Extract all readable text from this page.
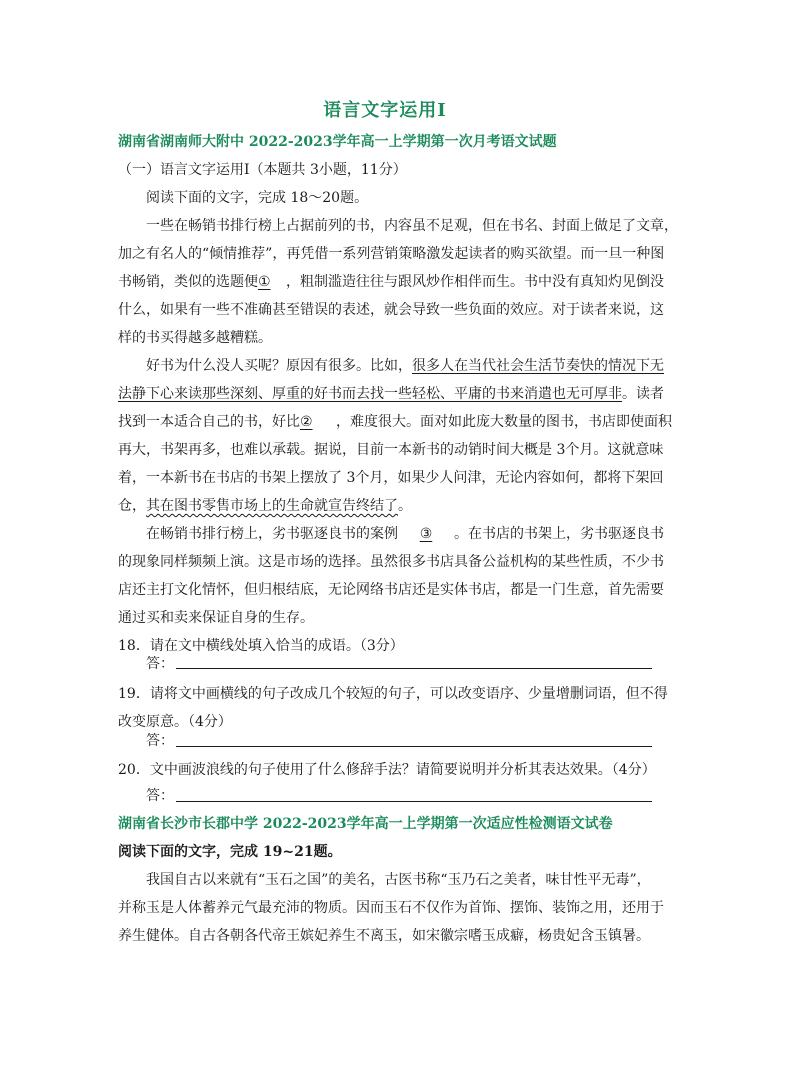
语言文字运用Ⅰ
湖南省湖南师大附中 2022-2023学年高一上学期第一次月考语文试题
（一）语言文字运用Ⅰ（本题共 3小题，11分）
阅读下面的文字，完成 18～20题。
一些在畅销书排行榜上占据前列的书，内容虽不足观，但在书名、封面上做足了文章，
加之有名人的“倾情推荐”，再凭借一系列营销策略激发起读者的购买欲望。而一旦一种图
书畅销，类似的选题便① ，粗制滥造往往与跟风炒作相伴而生。书中没有真知灼见倒没
什么，如果有一些不准确甚至错误的表述，就会导致一些负面的效应。对于读者来说，这
样的书买得越多越糟糕。
好书为什么没人买呢？原因有很多。比如，很多人在当代社会生活节奏快的情况下无
法静下心来读那些深刻、厚重的好书而去找一些轻松、平庸的书来消遣也无可厚非。读者
找到一本适合自己的书，好比② ，难度很大。面对如此庞大数量的图书，书店即使面积
再大，书架再多，也难以承载。据说，目前一本新书的动销时间大概是 3个月。这就意味
着，一本新书在书店的书架上摆放了 3个月，如果少人问津，无论内容如何，都将下架回
仓，其在图书零售市场上的生命就宣告终结了。
在畅销书排行榜上，劣书驱逐良书的案例 ③ 。在书店的书架上，劣书驱逐良书
的现象同样频频上演。这是市场的选择。虽然很多书店具备公益机构的某些性质，不少书
店还主打文化情怀，但归根结底，无论网络书店还是实体书店，都是一门生意，首先需要
通过买和卖来保证自身的生存。
18．请在文中横线处填入恰当的成语。（3分）
答：
19．请将文中画横线的句子改成几个较短的句子，可以改变语序、少量增删词语，但不得
改变原意。（4分）
答：
20．文中画波浪线的句子使用了什么修辞手法？请简要说明并分析其表达效果。（4分）
答：
湖南省长沙市长郡中学 2022-2023学年高一上学期第一次适应性检测语文试卷
阅读下面的文字，完成 19~21题。
我国自古以来就有“玉石之国”的美名，古医书称“玉乃石之美者，味甘性平无毒”，
并称玉是人体蓄养元气最充沛的物质。因而玉石不仅作为首饰、摆饰、装饰之用，还用于
养生健体。自古各朝各代帝王嫔妃养生不离玉，如宋徽宗嗜玉成癖，杨贵妃含玉镇暑。
